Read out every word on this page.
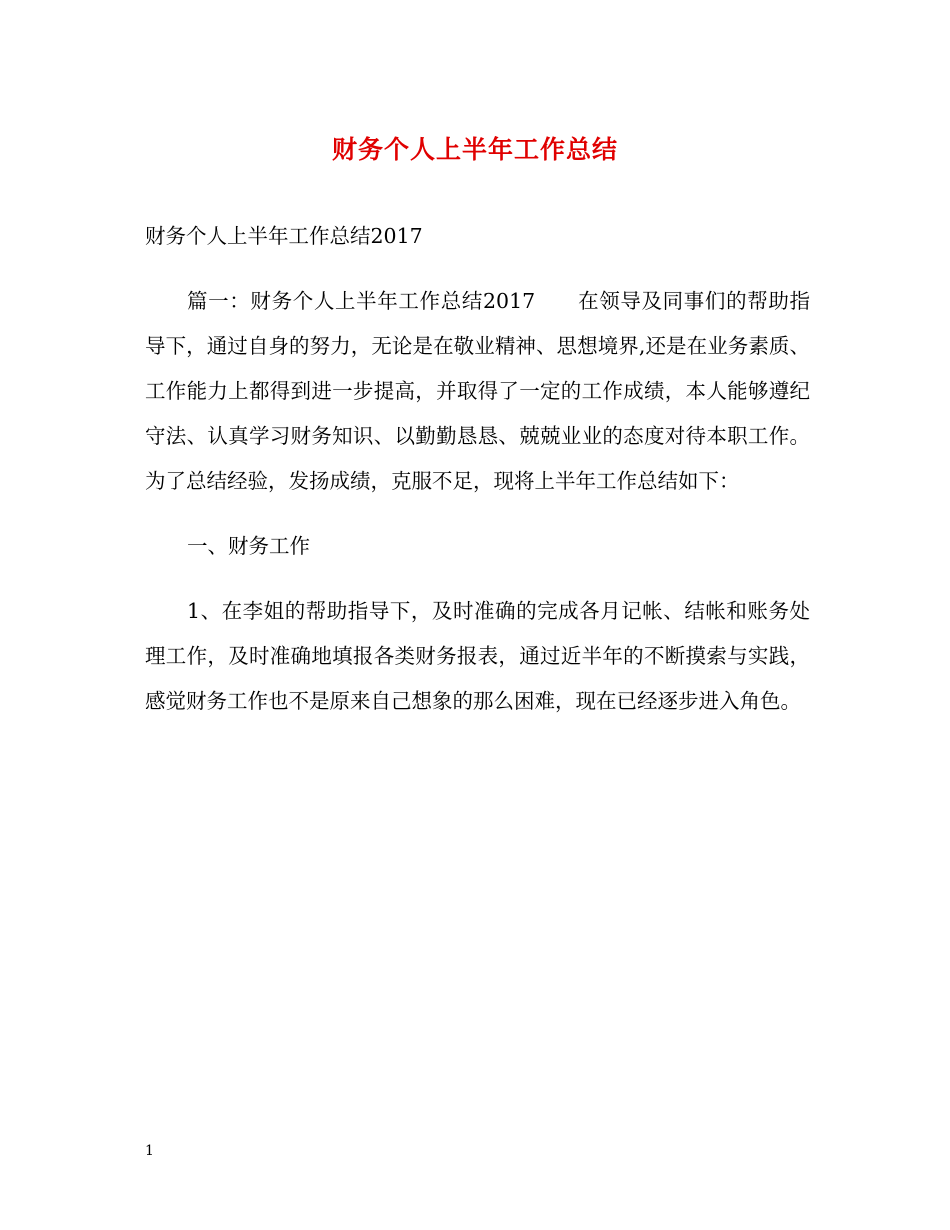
财务个人上半年工作总结

财务个人上半年工作总结2017

篇一：财务个人上半年工作总结2017　　在领导及同事们的帮助指导下，通过自身的努力，无论是在敬业精神、思想境界,还是在业务素质、工作能力上都得到进一步提高，并取得了一定的工作成绩，本人能够遵纪守法、认真学习财务知识、以勤勤恳恳、兢兢业业的态度对待本职工作。为了总结经验，发扬成绩，克服不足，现将上半年工作总结如下：

一、财务工作

1、在李姐的帮助指导下，及时准确的完成各月记帐、结帐和账务处理工作，及时准确地填报各类财务报表，通过近半年的不断摸索与实践，感觉财务工作也不是原来自己想象的那么困难，现在已经逐步进入角色。

1
